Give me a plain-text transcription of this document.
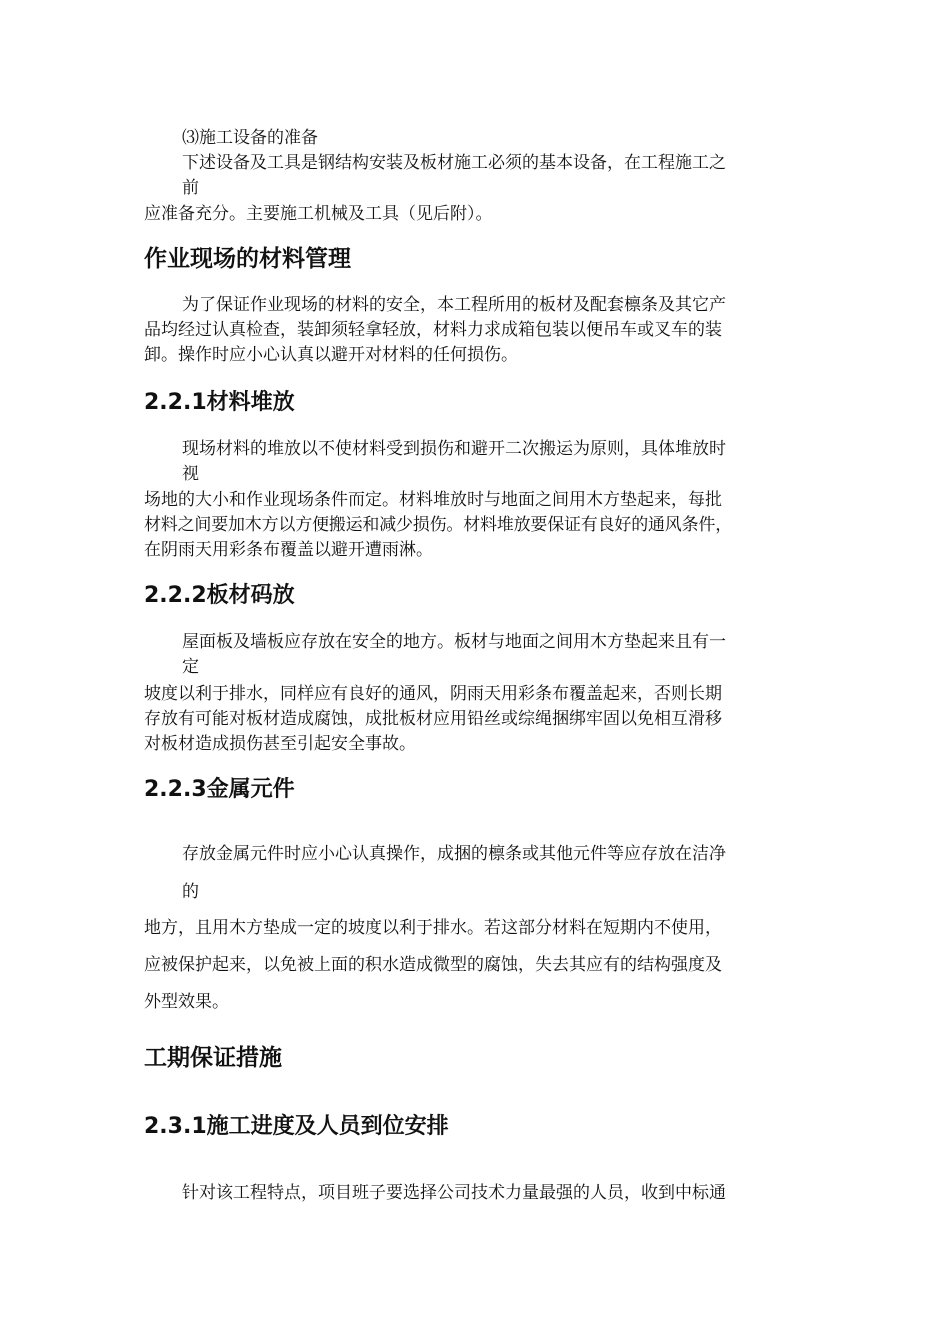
⑶施工设备的准备
下述设备及工具是钢结构安装及板材施工必须的基本设备，在工程施工之
前
应准备充分。主要施工机械及工具（见后附）。
作业现场的材料管理
为了保证作业现场的材料的安全，本工程所用的板材及配套檩条及其它产
品均经过认真检查，装卸须轻拿轻放，材料力求成箱包装以便吊车或叉车的装
卸。操作时应小心认真以避开对材料的任何损伤。
2.2.1材料堆放
现场材料的堆放以不使材料受到损伤和避开二次搬运为原则，具体堆放时
视
场地的大小和作业现场条件而定。材料堆放时与地面之间用木方垫起来，每批
材料之间要加木方以方便搬运和减少损伤。材料堆放要保证有良好的通风条件，
在阴雨天用彩条布覆盖以避开遭雨淋。
2.2.2板材码放
屋面板及墙板应存放在安全的地方。板材与地面之间用木方垫起来且有一
定
坡度以利于排水，同样应有良好的通风，阴雨天用彩条布覆盖起来，否则长期
存放有可能对板材造成腐蚀，成批板材应用铅丝或综绳捆绑牢固以免相互滑移
对板材造成损伤甚至引起安全事故。
2.2.3金属元件
存放金属元件时应小心认真操作，成捆的檩条或其他元件等应存放在洁净
的
地方，且用木方垫成一定的坡度以利于排水。若这部分材料在短期内不使用，
应被保护起来，以免被上面的积水造成微型的腐蚀，失去其应有的结构强度及
外型效果。
工期保证措施
2.3.1施工进度及人员到位安排
针对该工程特点，项目班子要选择公司技术力量最强的人员，收到中标通
